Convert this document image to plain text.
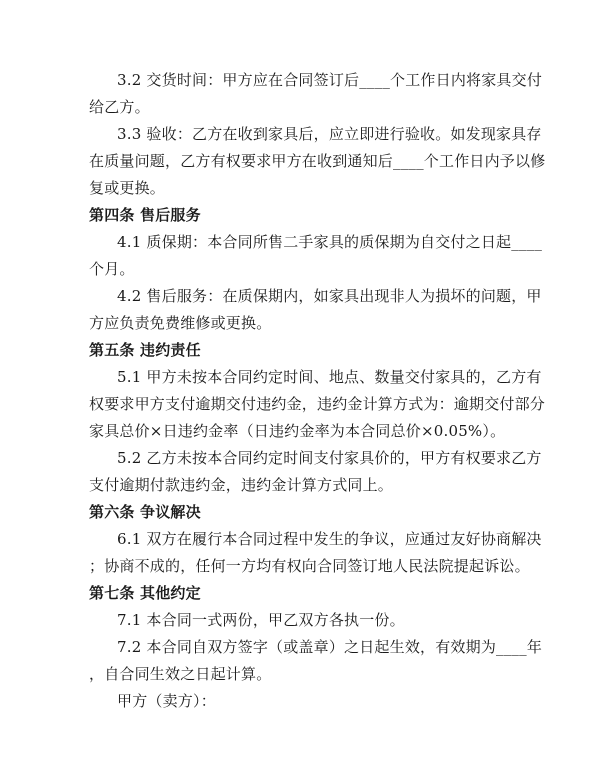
3.2 交货时间：甲方应在合同签订后____个工作日内将家具交付
给乙方。
3.3 验收：乙方在收到家具后，应立即进行验收。如发现家具存
在质量问题，乙方有权要求甲方在收到通知后____个工作日内予以修
复或更换。
第四条 售后服务
4.1 质保期：本合同所售二手家具的质保期为自交付之日起____
个月。
4.2 售后服务：在质保期内，如家具出现非人为损坏的问题，甲
方应负责免费维修或更换。
第五条 违约责任
5.1 甲方未按本合同约定时间、地点、数量交付家具的，乙方有
权要求甲方支付逾期交付违约金，违约金计算方式为：逾期交付部分
家具总价×日违约金率（日违约金率为本合同总价×0.05%）。
5.2 乙方未按本合同约定时间支付家具价的，甲方有权要求乙方
支付逾期付款违约金，违约金计算方式同上。
第六条 争议解决
6.1 双方在履行本合同过程中发生的争议，应通过友好协商解决
；协商不成的，任何一方均有权向合同签订地人民法院提起诉讼。
第七条 其他约定
7.1 本合同一式两份，甲乙双方各执一份。
7.2 本合同自双方签字（或盖章）之日起生效，有效期为____年
，自合同生效之日起计算。
甲方（卖方）：
